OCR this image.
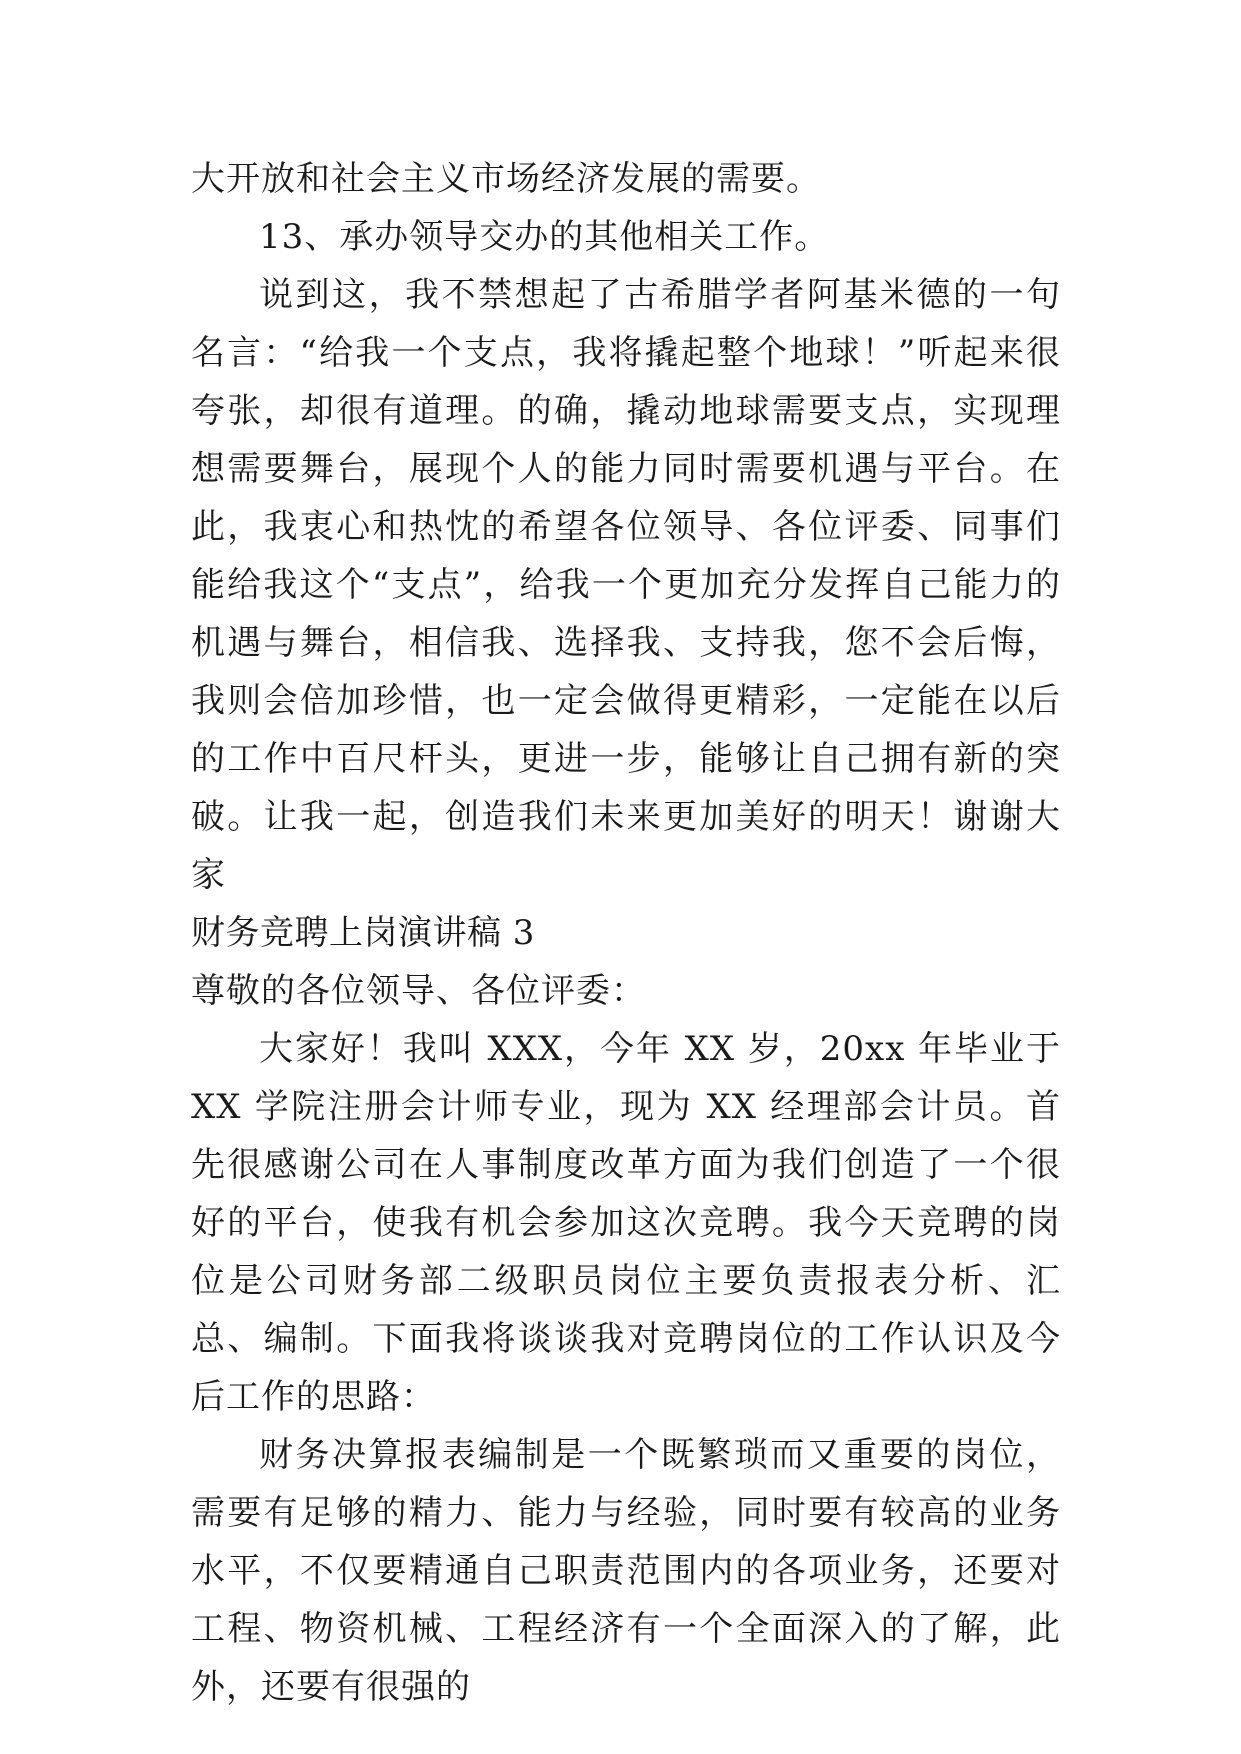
大开放和社会主义市场经济发展的需要。

13、承办领导交办的其他相关工作。

说到这，我不禁想起了古希腊学者阿基米德的一句名言：“给我一个支点，我将撬起整个地球！”听起来很夸张，却很有道理。的确，撬动地球需要支点，实现理想需要舞台，展现个人的能力同时需要机遇与平台。在此，我衷心和热忱的希望各位领导、各位评委、同事们能给我这个“支点”，给我一个更加充分发挥自己能力的机遇与舞台，相信我、选择我、支持我，您不会后悔，我则会倍加珍惜，也一定会做得更精彩，一定能在以后的工作中百尺杆头，更进一步，能够让自己拥有新的突破。让我一起，创造我们未来更加美好的明天！谢谢大家

财务竞聘上岗演讲稿 3

尊敬的各位领导、各位评委：

大家好！我叫 XXX，今年 XX 岁，20xx 年毕业于 XX 学院注册会计师专业，现为 XX 经理部会计员。首先很感谢公司在人事制度改革方面为我们创造了一个很好的平台，使我有机会参加这次竞聘。我今天竞聘的岗位是公司财务部二级职员岗位主要负责报表分析、汇总、编制。下面我将谈谈我对竞聘岗位的工作认识及今后工作的思路：

财务决算报表编制是一个既繁琐而又重要的岗位，需要有足够的精力、能力与经验，同时要有较高的业务水平，不仅要精通自己职责范围内的各项业务，还要对工程、物资机械、工程经济有一个全面深入的了解，此外，还要有很强的
